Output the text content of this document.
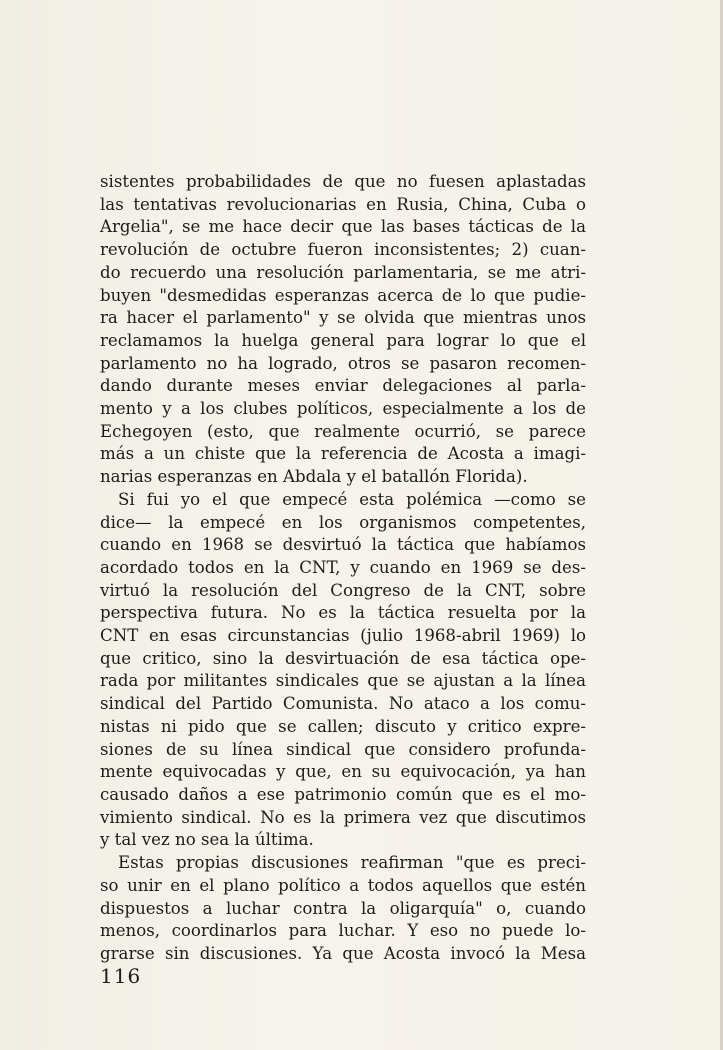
sistentes probabilidades de que no fuesen aplastadas
las tentativas revolucionarias en Rusia, China, Cuba o
Argelia", se me hace decir que las bases tácticas de la
revolución de octubre fueron inconsistentes; 2) cuan-
do recuerdo una resolución parlamentaria, se me atri-
buyen "desmedidas esperanzas acerca de lo que pudie-
ra hacer el parlamento" y se olvida que mientras unos
reclamamos la huelga general para lograr lo que el
parlamento no ha logrado, otros se pasaron recomen-
dando durante meses enviar delegaciones al parla-
mento y a los clubes políticos, especialmente a los de
Echegoyen (esto, que realmente ocurrió, se parece
más a un chiste que la referencia de Acosta a imagi-
narias esperanzas en Abdala y el batallón Florida).

Si fui yo el que empecé esta polémica —como se
dice— la empecé en los organismos competentes,
cuando en 1968 se desvirtuó la táctica que habíamos
acordado todos en la CNT, y cuando en 1969 se des-
virtuó la resolución del Congreso de la CNT, sobre
perspectiva futura. No es la táctica resuelta por la
CNT en esas circunstancias (julio 1968-abril 1969) lo
que critico, sino la desvirtuación de esa táctica ope-
rada por militantes sindicales que se ajustan a la línea
sindical del Partido Comunista. No ataco a los comu-
nistas ni pido que se callen; discuto y critico expre-
siones de su línea sindical que considero profunda-
mente equivocadas y que, en su equivocación, ya han
causado daños a ese patrimonio común que es el mo-
vimiento sindical. No es la primera vez que discutimos
y tal vez no sea la última.

Estas propias discusiones reafirman "que es preci-
so unir en el plano político a todos aquellos que estén
dispuestos a luchar contra la oligarquía" o, cuando
menos, coordinarlos para luchar. Y eso no puede lo-
grarse sin discusiones. Ya que Acosta invocó la Mesa

116
